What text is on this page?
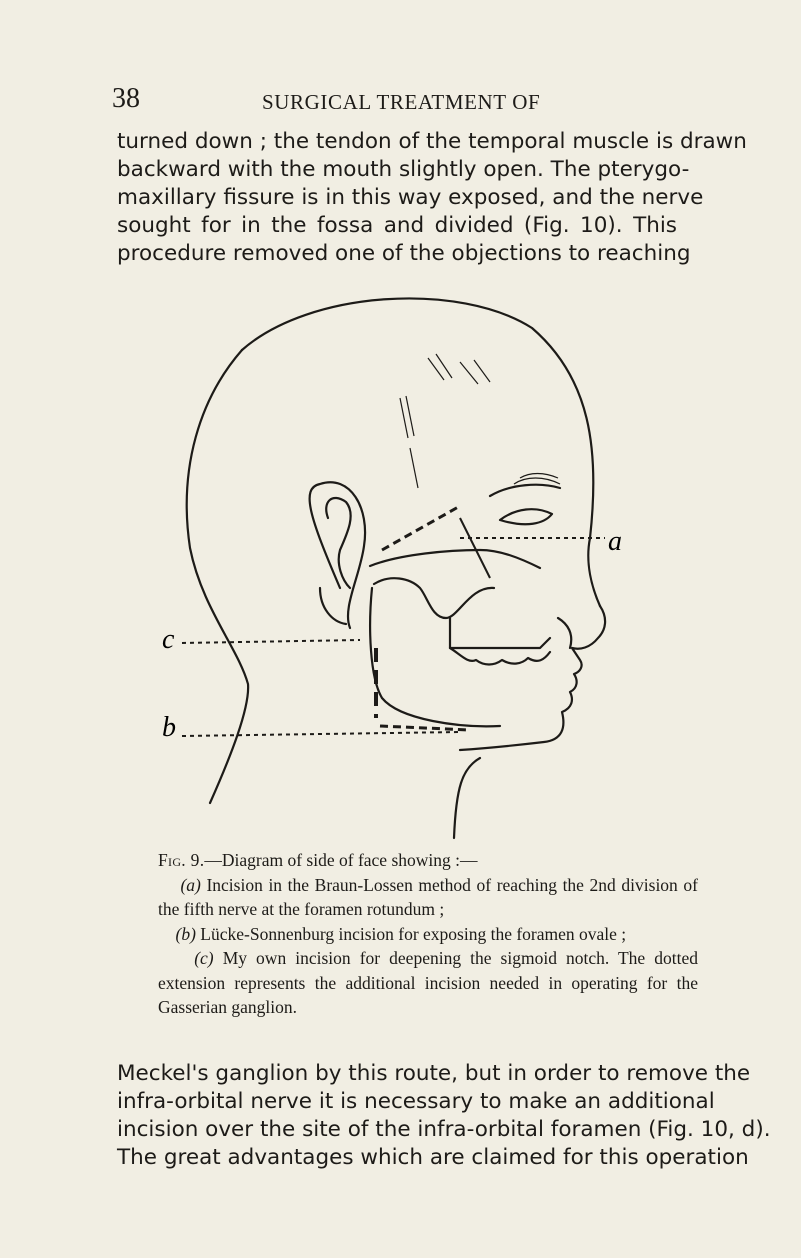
38	SURGICAL TREATMENT OF
turned down ; the tendon of the temporal muscle is drawn
backward with the mouth slightly open. The pterygo-
maxillary fissure is in this way exposed, and the nerve
sought for in the fossa and divided (Fig. 10). This
procedure removed one of the objections to reaching
a
b
c

Fig. 9.—Diagram of side of face showing :—

(a) Incision in the Braun-Lossen method of reaching the 2nd division of the fifth nerve at the foramen rotundum ;

(b) Lücke-Sonnenburg incision for exposing the foramen ovale ;

(c) My own incision for deepening the sigmoid notch. The dotted extension represents the additional incision needed in operating for the Gasserian ganglion.

Meckel's ganglion by this route, but in order to remove the
infra-orbital nerve it is necessary to make an additional
incision over the site of the infra-orbital foramen (Fig. 10, d).
The great advantages which are claimed for this operation
